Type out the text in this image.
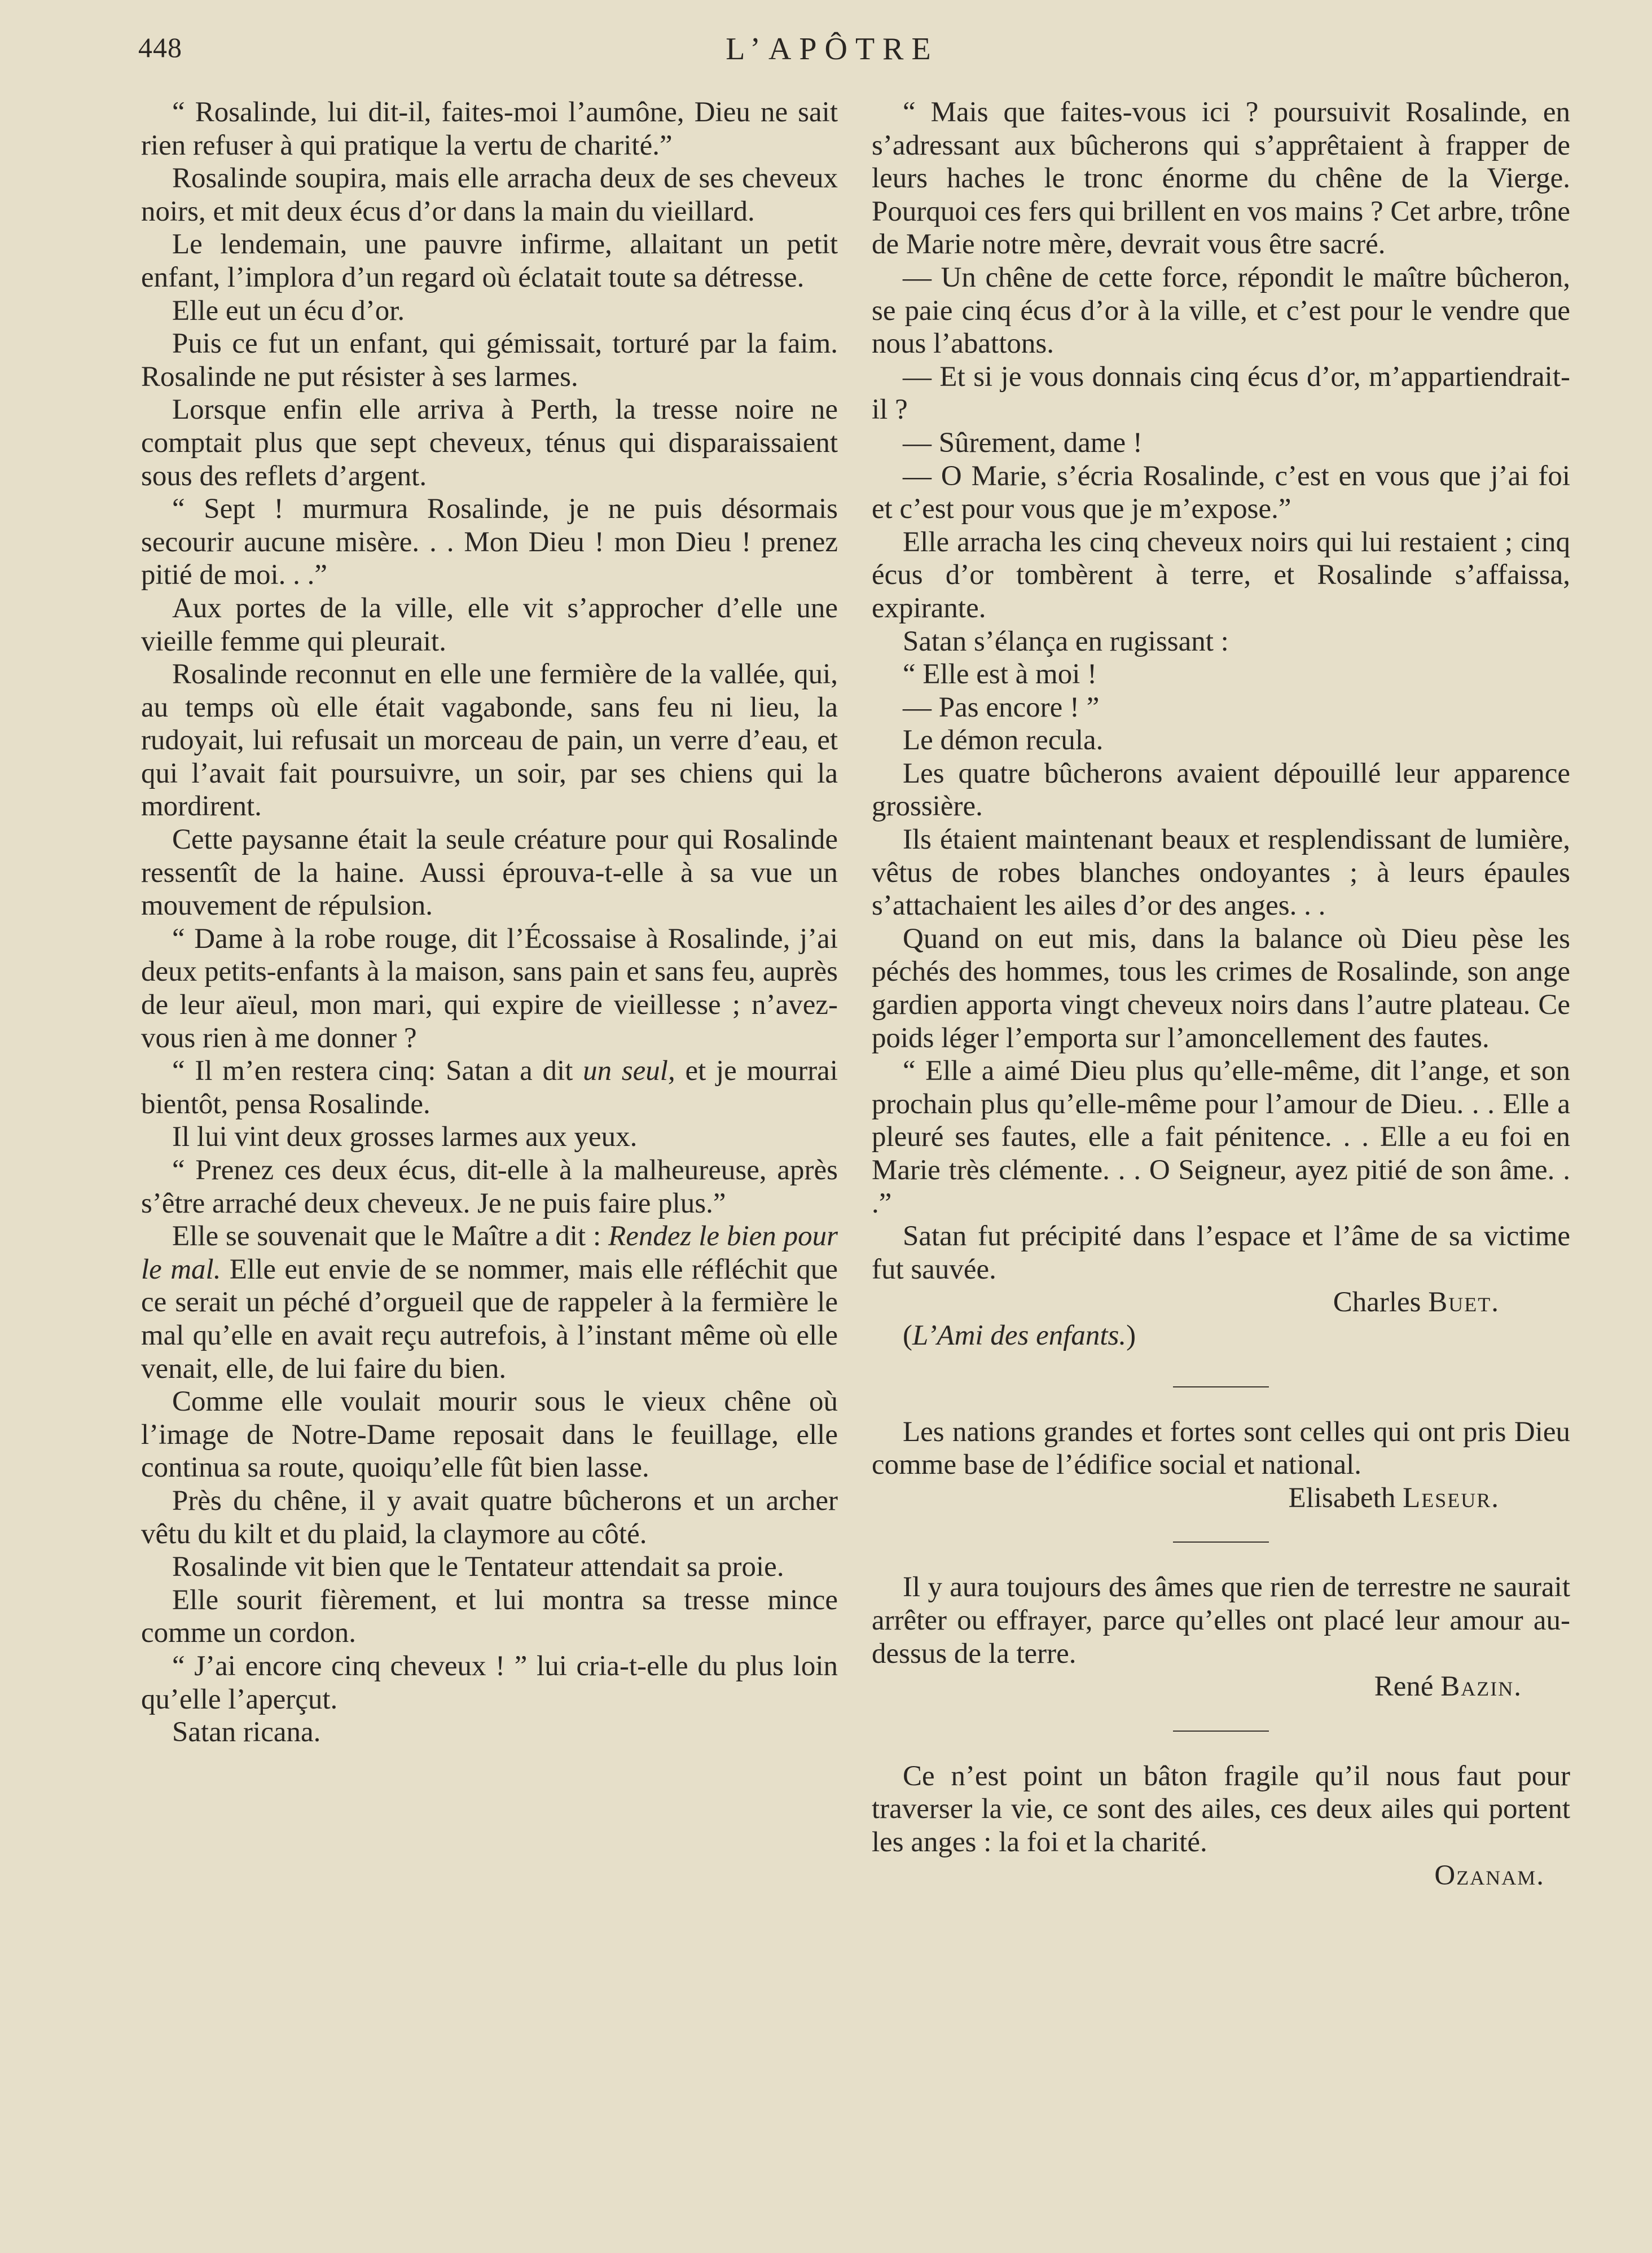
448	L’APÔTRE

“ Rosalinde, lui dit-il, faites-moi l’aumône, Dieu ne sait rien refuser à qui pratique la vertu de charité.”

Rosalinde soupira, mais elle arracha deux de ses cheveux noirs, et mit deux écus d’or dans la main du vieillard.

Le lendemain, une pauvre infirme, allaitant un petit enfant, l’implora d’un regard où éclatait toute sa détresse.

Elle eut un écu d’or.

Puis ce fut un enfant, qui gémissait, torturé par la faim. Rosalinde ne put résister à ses larmes.

Lorsque enfin elle arriva à Perth, la tresse noire ne comptait plus que sept cheveux, ténus qui disparaissaient sous des reflets d’argent.

“ Sept ! murmura Rosalinde, je ne puis désormais secourir aucune misère. . . Mon Dieu ! mon Dieu ! prenez pitié de moi. . .”

Aux portes de la ville, elle vit s’approcher d’elle une vieille femme qui pleurait.

Rosalinde reconnut en elle une fermière de la vallée, qui, au temps où elle était vagabonde, sans feu ni lieu, la rudoyait, lui refusait un morceau de pain, un verre d’eau, et qui l’avait fait poursuivre, un soir, par ses chiens qui la mordirent.

Cette paysanne était la seule créature pour qui Rosalinde ressentît de la haine. Aussi éprouva-t-elle à sa vue un mouvement de répulsion.

“ Dame à la robe rouge, dit l’Écossaise à Rosalinde, j’ai deux petits-enfants à la maison, sans pain et sans feu, auprès de leur aïeul, mon mari, qui expire de vieillesse ; n’avez-vous rien à me donner ?

“ Il m’en restera cinq: Satan a dit un seul, et je mourrai bientôt, pensa Rosalinde.

Il lui vint deux grosses larmes aux yeux.

“ Prenez ces deux écus, dit-elle à la malheureuse, après s’être arraché deux cheveux. Je ne puis faire plus.”

Elle se souvenait que le Maître a dit : Rendez le bien pour le mal. Elle eut envie de se nommer, mais elle réfléchit que ce serait un péché d’orgueil que de rappeler à la fermière le mal qu’elle en avait reçu autrefois, à l’instant même où elle venait, elle, de lui faire du bien.

Comme elle voulait mourir sous le vieux chêne où l’image de Notre-Dame reposait dans le feuillage, elle continua sa route, quoiqu’elle fût bien lasse.

Près du chêne, il y avait quatre bûcherons et un archer vêtu du kilt et du plaid, la claymore au côté.

Rosalinde vit bien que le Tentateur attendait sa proie.

Elle sourit fièrement, et lui montra sa tresse mince comme un cordon.

“ J’ai encore cinq cheveux ! ” lui cria-t-elle du plus loin qu’elle l’aperçut.

Satan ricana.

“ Mais que faites-vous ici ? poursuivit Rosalinde, en s’adressant aux bûcherons qui s’apprêtaient à frapper de leurs haches le tronc énorme du chêne de la Vierge. Pourquoi ces fers qui brillent en vos mains ? Cet arbre, trône de Marie notre mère, devrait vous être sacré.

— Un chêne de cette force, répondit le maître bûcheron, se paie cinq écus d’or à la ville, et c’est pour le vendre que nous l’abattons.

— Et si je vous donnais cinq écus d’or, m’appartiendrait-il ?

— Sûrement, dame !

— O Marie, s’écria Rosalinde, c’est en vous que j’ai foi et c’est pour vous que je m’expose.”

Elle arracha les cinq cheveux noirs qui lui restaient ; cinq écus d’or tombèrent à terre, et Rosalinde s’affaissa, expirante.

Satan s’élança en rugissant :

“ Elle est à moi !

— Pas encore ! ”

Le démon recula.

Les quatre bûcherons avaient dépouillé leur apparence grossière.

Ils étaient maintenant beaux et resplendissant de lumière, vêtus de robes blanches ondoyantes ; à leurs épaules s’attachaient les ailes d’or des anges. . .

Quand on eut mis, dans la balance où Dieu pèse les péchés des hommes, tous les crimes de Rosalinde, son ange gardien apporta vingt cheveux noirs dans l’autre plateau. Ce poids léger l’emporta sur l’amoncellement des fautes.

“ Elle a aimé Dieu plus qu’elle-même, dit l’ange, et son prochain plus qu’elle-même pour l’amour de Dieu. . . Elle a pleuré ses fautes, elle a fait pénitence. . . Elle a eu foi en Marie très clémente. . . O Seigneur, ayez pitié de son âme. . .”

Satan fut précipité dans l’espace et l’âme de sa victime fut sauvée.

Charles Buet.

(L’Ami des enfants.)

Les nations grandes et fortes sont celles qui ont pris Dieu comme base de l’édifice social et national.

Elisabeth Leseur.

Il y aura toujours des âmes que rien de terrestre ne saurait arrêter ou effrayer, parce qu’elles ont placé leur amour au-dessus de la terre.

René Bazin.

Ce n’est point un bâton fragile qu’il nous faut pour traverser la vie, ce sont des ailes, ces deux ailes qui portent les anges : la foi et la charité.

Ozanam.
